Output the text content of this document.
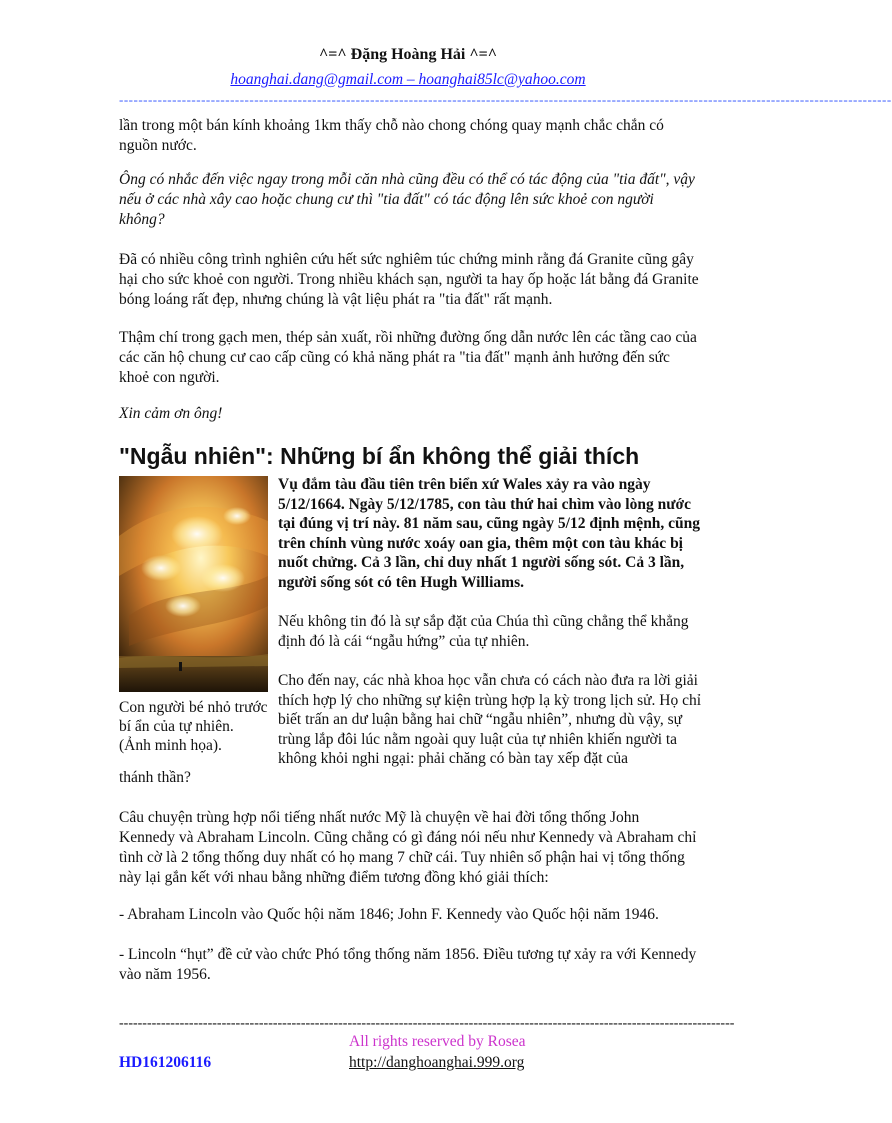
^=^ Đặng Hoàng Hải ^=^
hoanghai.dang@gmail.com – hoanghai85lc@yahoo.com
----------------------------------------------------------------------------------------------------------------------------------------------------------------
lần trong một bán kính khoảng 1km thấy chỗ nào chong chóng quay mạnh chắc chắn có nguồn nước.
Ông có nhắc đến việc ngay trong mỗi căn nhà cũng đều có thể có tác động của "tia đất", vậy nếu ở các nhà xây cao hoặc chung cư thì "tia đất" có tác động lên sức khoẻ con người không?
Đã có nhiều công trình nghiên cứu hết sức nghiêm túc chứng minh rằng đá Granite cũng gây hại cho sức khoẻ con người. Trong nhiều khách sạn, người ta hay ốp hoặc lát bằng đá Granite bóng loáng rất đẹp, nhưng chúng là vật liệu phát ra "tia đất" rất mạnh.
Thậm chí trong gạch men, thép sản xuất, rồi những đường ống dẫn nước lên các tầng cao của các căn hộ chung cư cao cấp cũng có khả năng phát ra "tia đất" mạnh ảnh hưởng đến sức khoẻ con người.
Xin cảm ơn ông!
"Ngẫu nhiên": Những bí ẩn không thể giải thích
Con người bé nhỏ trước bí ẩn của tự nhiên. (Ảnh minh họa).
Vụ đắm tàu đầu tiên trên biển xứ Wales xảy ra vào ngày 5/12/1664. Ngày 5/12/1785, con tàu thứ hai chìm vào lòng nước tại đúng vị trí này. 81 năm sau, cũng ngày 5/12 định mệnh, cũng trên chính vùng nước xoáy oan gia, thêm một con tàu khác bị nuốt chửng. Cả 3 lần, chỉ duy nhất 1 người sống sót. Cả 3 lần, người sống sót có tên Hugh Williams.
Nếu không tin đó là sự sắp đặt của Chúa thì cũng chẳng thể khẳng định đó là cái “ngẫu hứng” của tự nhiên.
Cho đến nay, các nhà khoa học vẫn chưa có cách nào đưa ra lời giải thích hợp lý cho những sự kiện trùng hợp lạ kỳ trong lịch sử. Họ chỉ biết trấn an dư luận bằng hai chữ “ngẫu nhiên”, nhưng dù vậy, sự trùng lắp đôi lúc nằm ngoài quy luật của tự nhiên khiến người ta không khỏi nghi ngại: phải chăng có bàn tay xếp đặt của
thánh thần?
Câu chuyện trùng hợp nổi tiếng nhất nước Mỹ là chuyện về hai đời tổng thống John Kennedy và Abraham Lincoln. Cũng chẳng có gì đáng nói nếu như Kennedy và Abraham chỉ tình cờ là 2 tổng thống duy nhất có họ mang 7 chữ cái. Tuy nhiên số phận hai vị tổng thống này lại gắn kết với nhau bằng những điểm tương đồng khó giải thích:
- Abraham Lincoln vào Quốc hội năm 1846; John F. Kennedy vào Quốc hội năm 1946.
- Lincoln “hụt” đề cử vào chức Phó tổng thống năm 1856. Điều tương tự xảy ra với Kennedy vào năm 1956.
------------------------------------------------------------------------------------------------------------------------------------
All rights reserved by Rosea
HD161206116	http://danghoanghai.999.org
